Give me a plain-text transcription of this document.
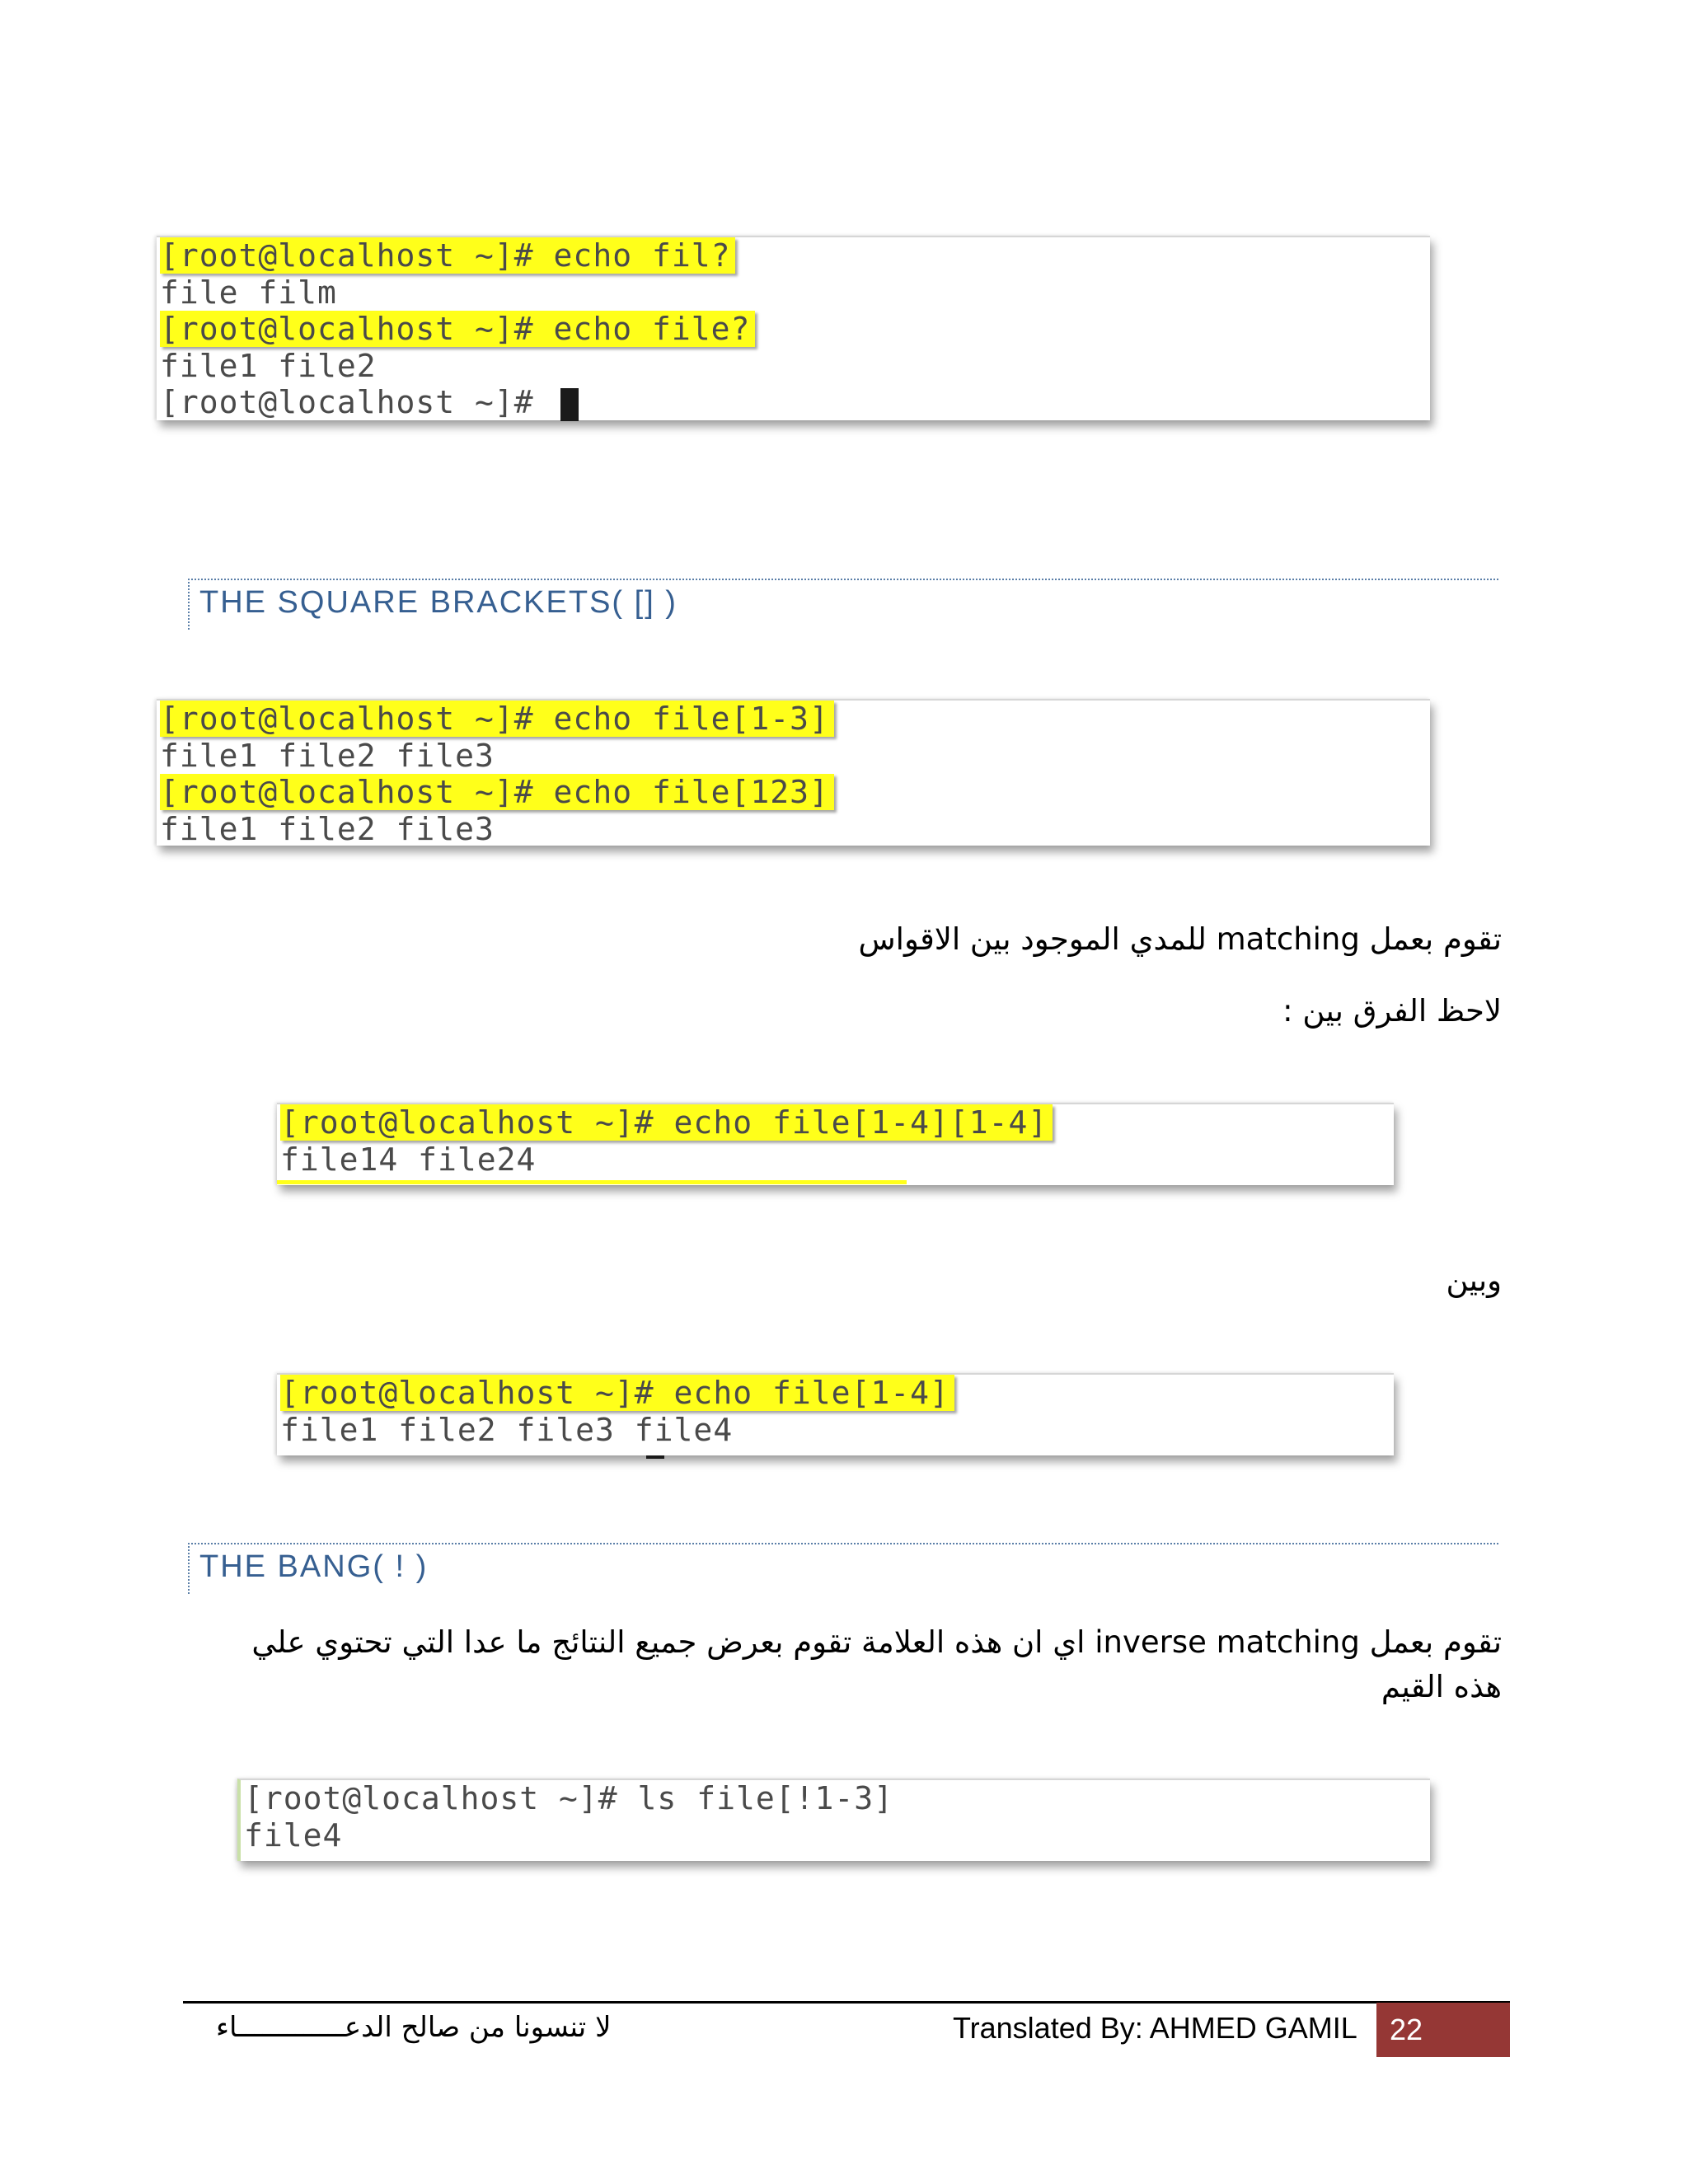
[root@localhost ~]# echo fil?
file film
[root@localhost ~]# echo file?
file1 file2
[root@localhost ~]#
THE SQUARE BRACKETS( [] )
[root@localhost ~]# echo file[1-3]
file1 file2 file3
[root@localhost ~]# echo file[123]
file1 file2 file3
تقوم بعمل matching للمدي الموجود بين الاقواس
لاحظ الفرق بين :
[root@localhost ~]# echo file[1-4][1-4]
file14 file24
وبين
[root@localhost ~]# echo file[1-4]
file1 file2 file3 file4
THE BANG( ! )
تقوم بعمل inverse matching اي ان هذه العلامة تقوم بعرض جميع النتائج ما عدا التي تحتوي علي هذه القيم
[root@localhost ~]# ls file[!1-3]
file4
لا تنسونا من صالح الدعـــــــــــــاء	Translated By: AHMED GAMIL	22
